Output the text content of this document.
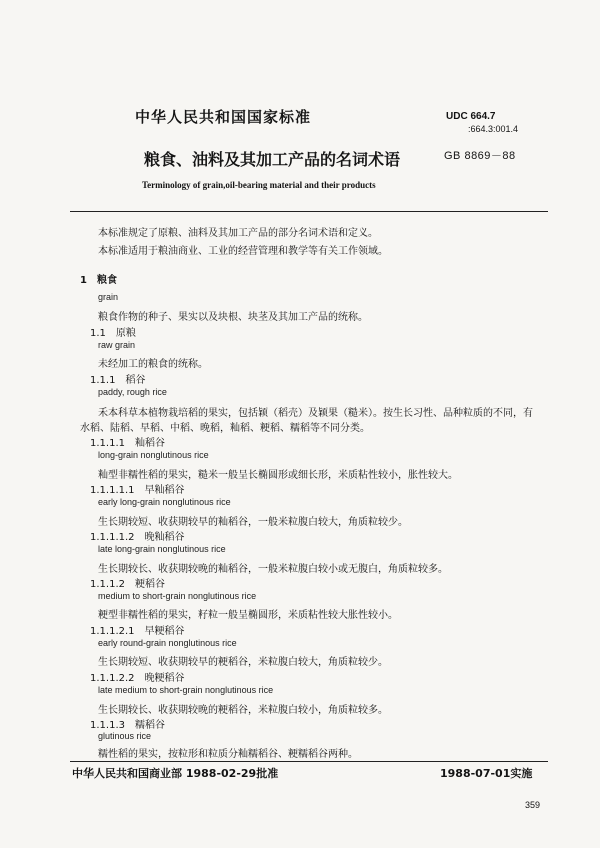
中华人民共和国国家标准	UDC 664.7
:664.3:001.4
粮食、油料及其加工产品的名词术语	GB 8869－88
Terminology of grain,oil-bearing material and their products
本标准规定了原粮、油料及其加工产品的部分名词术语和定义。
本标准适用于粮油商业、工业的经营管理和教学等有关工作领域。
1　粮食
grain
粮食作物的种子、果实以及块根、块茎及其加工产品的统称。
1.1　原粮
raw grain
未经加工的粮食的统称。
1.1.1　稻谷
paddy, rough rice
禾本科草本植物栽培稻的果实，包括颖（稻壳）及颖果（糙米）。按生长习性、品种粒质的不同，有
水稻、陆稻、早稻、中稻、晚稻，籼稻、粳稻、糯稻等不同分类。
1.1.1.1　籼稻谷
long-grain nonglutinous rice
籼型非糯性稻的果实，糙米一般呈长椭圆形或细长形，米质粘性较小，胀性较大。
1.1.1.1.1　早籼稻谷
early long-grain nonglutinous rice
生长期较短、收获期较早的籼稻谷，一般米粒腹白较大，角质粒较少。
1.1.1.1.2　晚籼稻谷
late long-grain nonglutinous rice
生长期较长、收获期较晚的籼稻谷，一般米粒腹白较小或无腹白，角质粒较多。
1.1.1.2　粳稻谷
medium to short-grain nonglutinous rice
粳型非糯性稻的果实，籽粒一般呈椭圆形，米质粘性较大胀性较小。
1.1.1.2.1　早粳稻谷
early round-grain nonglutinous rice
生长期较短、收获期较早的粳稻谷，米粒腹白较大，角质粒较少。
1.1.1.2.2　晚粳稻谷
late medium to short-grain nonglutinous rice
生长期较长、收获期较晚的粳稻谷，米粒腹白较小，角质粒较多。
1.1.1.3　糯稻谷
glutinous rice
糯性稻的果实，按粒形和粒质分籼糯稻谷、粳糯稻谷两种。
中华人民共和国商业部 1988-02-29批准	1988-07-01实施
359
